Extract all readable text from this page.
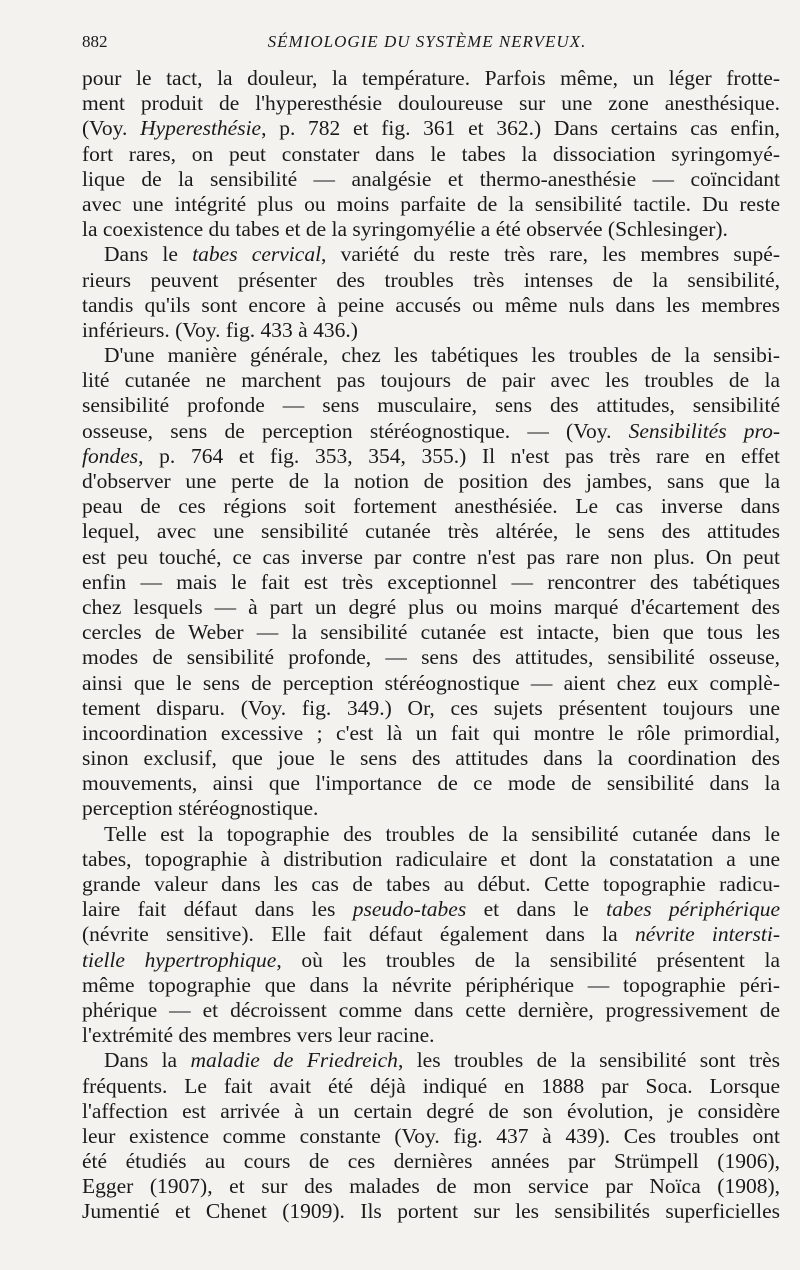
882	SÉMIOLOGIE DU SYSTÈME NERVEUX.
pour le tact, la douleur, la température. Parfois même, un léger frotte-
ment produit de l'hyperesthésie douloureuse sur une zone anesthésique.
(Voy. Hyperesthésie, p. 782 et fig. 361 et 362.) Dans certains cas enfin,
fort rares, on peut constater dans le tabes la dissociation syringomyé-
lique de la sensibilité — analgésie et thermo-anesthésie — coïncidant
avec une intégrité plus ou moins parfaite de la sensibilité tactile. Du reste
la coexistence du tabes et de la syringomyélie a été observée (Schlesinger).
Dans le tabes cervical, variété du reste très rare, les membres supé-
rieurs peuvent présenter des troubles très intenses de la sensibilité,
tandis qu'ils sont encore à peine accusés ou même nuls dans les membres
inférieurs. (Voy. fig. 433 à 436.)
D'une manière générale, chez les tabétiques les troubles de la sensibi-
lité cutanée ne marchent pas toujours de pair avec les troubles de la
sensibilité profonde — sens musculaire, sens des attitudes, sensibilité
osseuse, sens de perception stéréognostique. — (Voy. Sensibilités pro-
fondes, p. 764 et fig. 353, 354, 355.) Il n'est pas très rare en effet
d'observer une perte de la notion de position des jambes, sans que la
peau de ces régions soit fortement anesthésiée. Le cas inverse dans
lequel, avec une sensibilité cutanée très altérée, le sens des attitudes
est peu touché, ce cas inverse par contre n'est pas rare non plus. On peut
enfin — mais le fait est très exceptionnel — rencontrer des tabétiques
chez lesquels — à part un degré plus ou moins marqué d'écartement des
cercles de Weber — la sensibilité cutanée est intacte, bien que tous les
modes de sensibilité profonde, — sens des attitudes, sensibilité osseuse,
ainsi que le sens de perception stéréognostique — aient chez eux complè-
tement disparu. (Voy. fig. 349.) Or, ces sujets présentent toujours une
incoordination excessive ; c'est là un fait qui montre le rôle primordial,
sinon exclusif, que joue le sens des attitudes dans la coordination des
mouvements, ainsi que l'importance de ce mode de sensibilité dans la
perception stéréognostique.
Telle est la topographie des troubles de la sensibilité cutanée dans le
tabes, topographie à distribution radiculaire et dont la constatation a une
grande valeur dans les cas de tabes au début. Cette topographie radicu-
laire fait défaut dans les pseudo-tabes et dans le tabes périphérique
(névrite sensitive). Elle fait défaut également dans la névrite intersti-
tielle hypertrophique, où les troubles de la sensibilité présentent la
même topographie que dans la névrite périphérique — topographie péri-
phérique — et décroissent comme dans cette dernière, progressivement de
l'extrémité des membres vers leur racine.
Dans la maladie de Friedreich, les troubles de la sensibilité sont très
fréquents. Le fait avait été déjà indiqué en 1888 par Soca. Lorsque
l'affection est arrivée à un certain degré de son évolution, je considère
leur existence comme constante (Voy. fig. 437 à 439). Ces troubles ont
été étudiés au cours de ces dernières années par Strümpell (1906),
Egger (1907), et sur des malades de mon service par Noïca (1908),
Jumentié et Chenet (1909). Ils portent sur les sensibilités superficielles
